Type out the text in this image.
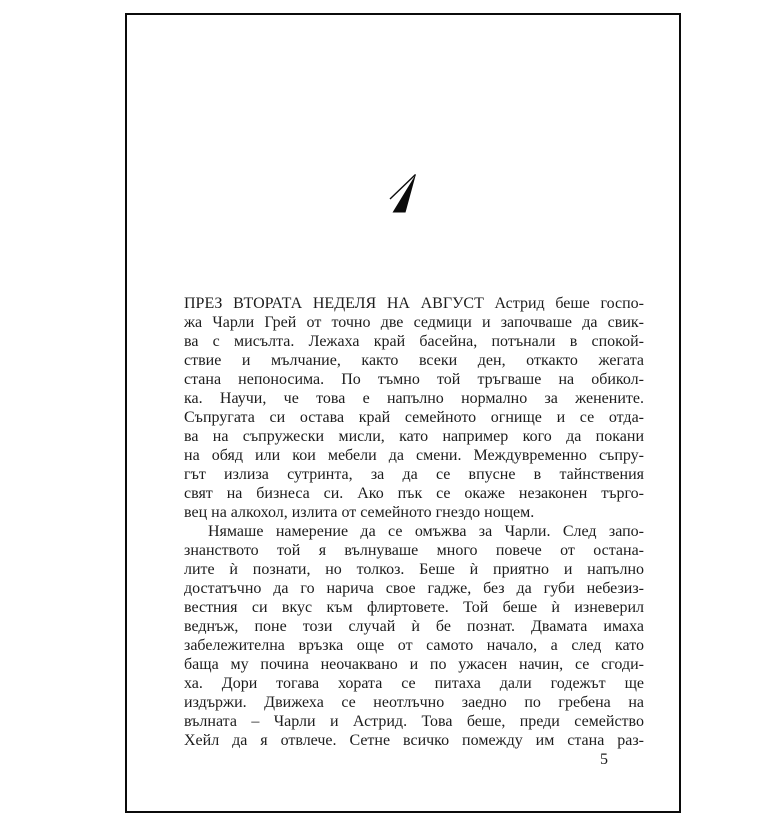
ПРЕЗ ВТОРАТА НЕДЕЛЯ НА АВГУСТ Астрид беше госпо-
жа Чарли Грей от точно две седмици и започваше да свик-
ва с мисълта. Лежаха край басейна, потънали в спокой-
ствие и мълчание, както всеки ден, откакто жегата
стана непоносима. По тъмно той тръгваше на обикол-
ка. Научи, че това е напълно нормално за женените.
Съпругата си остава край семейното огнище и се отда-
ва на съпружески мисли, като например кого да покани
на обяд или кои мебели да смени. Междувременно съпру-
гът излиза сутринта, за да се впусне в тайнствения
свят на бизнеса си. Ако пък се окаже незаконен търго-
вец на алкохол, излита от семейното гнездо нощем.
Нямаше намерение да се омъжва за Чарли. След запо-
знанството той я вълнуваше много повече от остана-
лите ѝ познати, но толкоз. Беше ѝ приятно и напълно
достатъчно да го нарича свое гадже, без да губи небезиз-
вестния си вкус към флиртовете. Той беше ѝ изневерил
веднъж, поне този случай ѝ бе познат. Двамата имаха
забележителна връзка още от самото начало, а след като
баща му почина неочаквано и по ужасен начин, се сгоди-
ха. Дори тогава хората се питаха дали годежът ще
издържи. Движеха се неотлъчно заедно по гребена на
вълната – Чарли и Астрид. Това беше, преди семейство
Хейл да я отвлече. Сетне всичко помежду им стана раз-
5
